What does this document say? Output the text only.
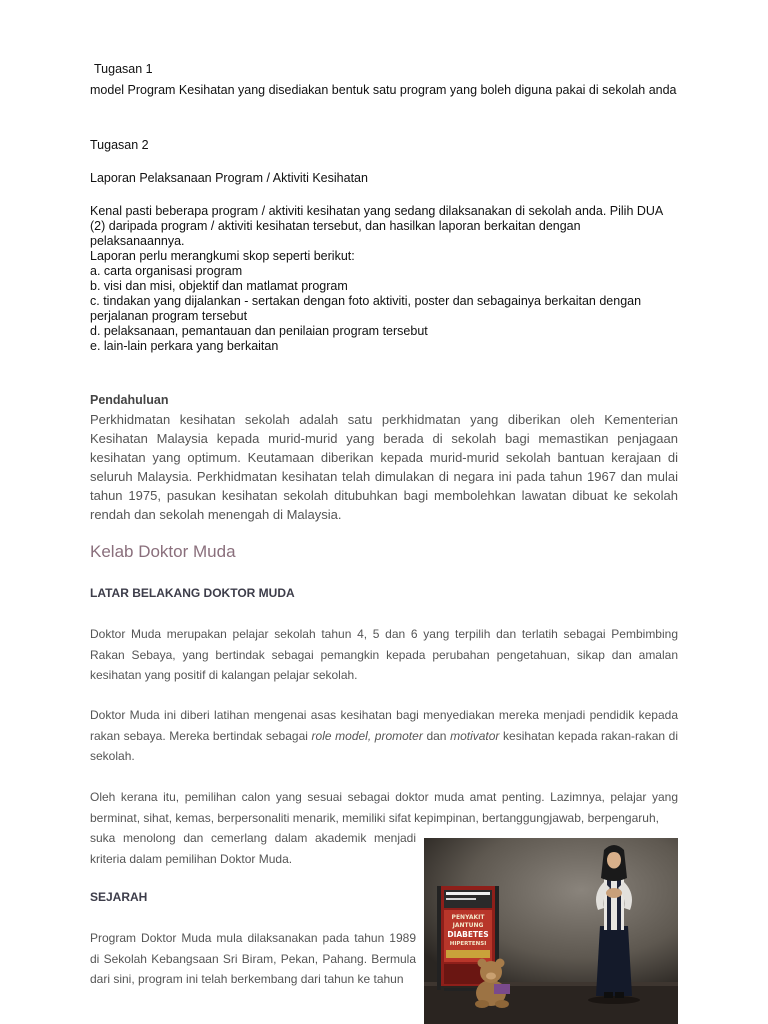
Tugasan 1
model Program Kesihatan yang disediakan bentuk satu program yang boleh diguna pakai di sekolah anda
Tugasan 2
Laporan Pelaksanaan Program / Aktiviti Kesihatan
Kenal pasti beberapa program / aktiviti kesihatan yang sedang dilaksanakan di sekolah anda. Pilih DUA
(2) daripada program / aktiviti kesihatan tersebut, dan hasilkan laporan berkaitan dengan
pelaksanaannya.
Laporan perlu merangkumi skop seperti berikut:
a. carta organisasi program
b. visi dan misi, objektif dan matlamat program
c. tindakan yang dijalankan - sertakan dengan foto aktiviti, poster dan sebagainya berkaitan dengan
perjalanan program tersebut
d. pelaksanaan, pemantauan dan penilaian program tersebut
e. lain-lain perkara yang berkaitan
Pendahuluan
Perkhidmatan kesihatan sekolah adalah satu perkhidmatan yang diberikan oleh Kementerian Kesihatan Malaysia kepada murid-murid yang berada di sekolah bagi memastikan penjagaan kesihatan yang optimum. Keutamaan diberikan kepada murid-murid sekolah bantuan kerajaan di seluruh Malaysia. Perkhidmatan kesihatan telah dimulakan di negara ini pada tahun 1967 dan mulai tahun 1975, pasukan kesihatan sekolah ditubuhkan bagi membolehkan lawatan dibuat ke sekolah rendah dan sekolah menengah di Malaysia.
Kelab Doktor Muda
LATAR BELAKANG DOKTOR MUDA
Doktor Muda merupakan pelajar sekolah tahun 4, 5 dan 6 yang terpilih dan terlatih sebagai Pembimbing Rakan Sebaya, yang bertindak sebagai pemangkin kepada perubahan pengetahuan, sikap dan amalan kesihatan yang positif di kalangan pelajar sekolah.
Doktor Muda ini diberi latihan mengenai asas kesihatan bagi menyediakan mereka menjadi pendidik kepada rakan sebaya. Mereka bertindak sebagai role model, promoter dan motivator kesihatan kepada rakan-rakan di sekolah.
Oleh kerana itu, pemilihan calon yang sesuai sebagai doktor muda amat penting. Lazimnya, pelajar yang berminat, sihat, kemas, berpersonaliti menarik, memiliki sifat kepimpinan, bertanggungjawab, berpengaruh,
suka menolong dan cemerlang dalam akademik menjadi kriteria dalam pemilihan Doktor Muda.
SEJARAH
Program Doktor Muda mula dilaksanakan pada tahun 1989 di Sekolah Kebangsaan Sri Biram, Pekan, Pahang. Bermula dari sini, program ini telah berkembang dari tahun ke tahun
PENYAKIT
JANTUNG
DIABETES
HIPERTENSI
